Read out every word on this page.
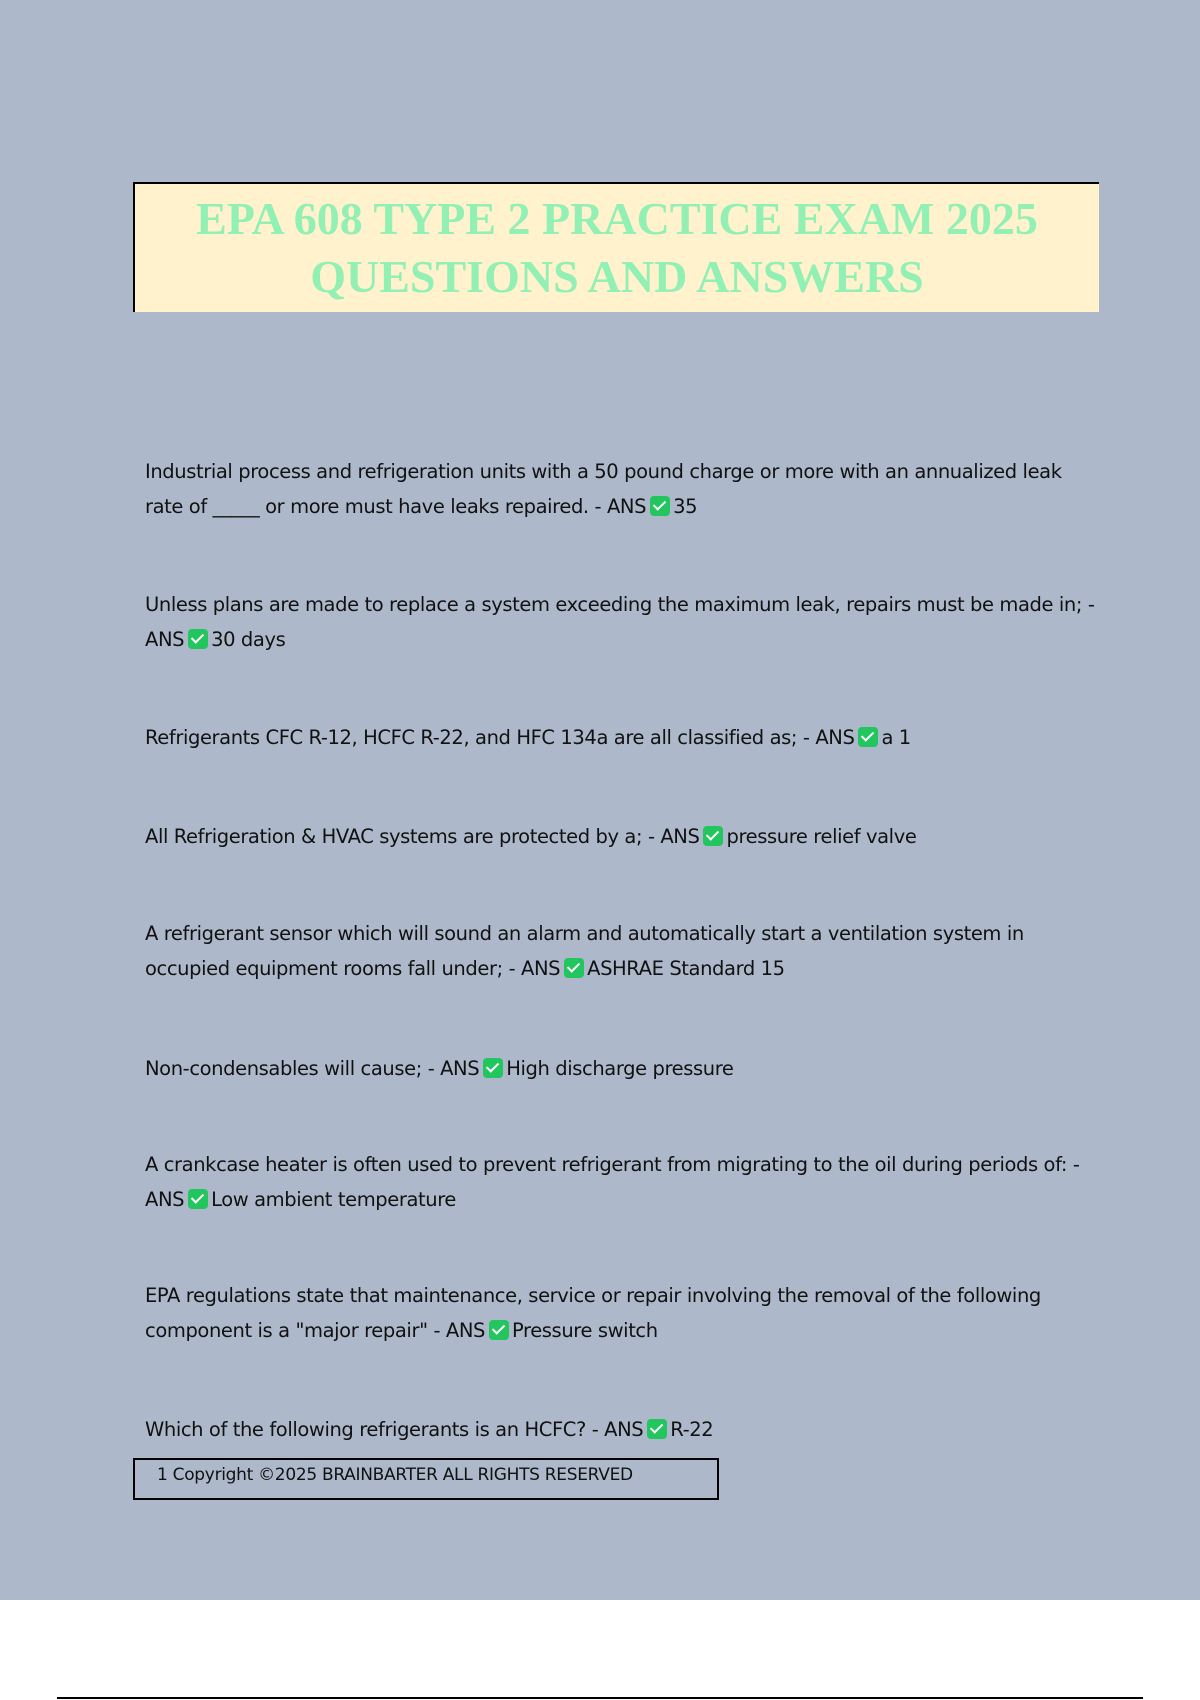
EPA 608 TYPE 2 PRACTICE EXAM 2025
QUESTIONS AND ANSWERS
Industrial process and refrigeration units with a 50 pound charge or more with an annualized leak rate of _____ or more must have leaks repaired. - ANS 35
Unless plans are made to replace a system exceeding the maximum leak, repairs must be made in; - ANS 30 days
Refrigerants CFC R-12, HCFC R-22, and HFC 134a are all classified as; - ANS a 1
All Refrigeration & HVAC systems are protected by a; - ANS pressure relief valve
A refrigerant sensor which will sound an alarm and automatically start a ventilation system in occupied equipment rooms fall under; - ANS ASHRAE Standard 15
Non-condensables will cause; - ANS High discharge pressure
A crankcase heater is often used to prevent refrigerant from migrating to the oil during periods of: - ANS Low ambient temperature
EPA regulations state that maintenance, service or repair involving the removal of the following component is a "major repair" - ANS Pressure switch
Which of the following refrigerants is an HCFC? - ANS R-22
1 Copyright ©2025 BRAINBARTER ALL RIGHTS RESERVED
